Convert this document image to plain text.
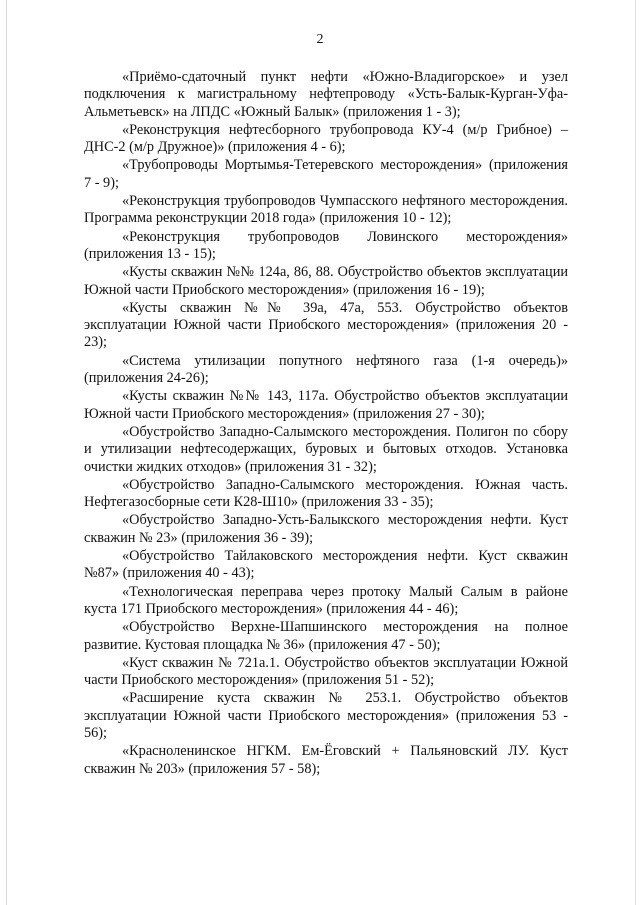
2

«Приёмо-сдаточный пункт нефти «Южно-Владигорское» и узел подключения к магистральному нефтепроводу «Усть-Балык-Курган-Уфа-Альметьевск» на ЛПДС «Южный Балык» (приложения 1 - 3);

«Реконструкция нефтесборного трубопровода КУ-4 (м/р Грибное) – ДНС-2 (м/р Дружное)» (приложения 4 - 6);

«Трубопроводы Мортымья-Тетеревского месторождения» (приложения 7 - 9);

«Реконструкция трубопроводов Чумпасского нефтяного месторождения. Программа реконструкции 2018 года» (приложения 10 - 12);

«Реконструкция трубопроводов Ловинского месторождения» (приложения 13 - 15);

«Кусты скважин №№ 124а, 86, 88. Обустройство объектов эксплуатации Южной части Приобского месторождения» (приложения 16 - 19);

«Кусты скважин №№ 39а, 47а, 553. Обустройство объектов эксплуатации Южной части Приобского месторождения» (приложения 20 - 23);

«Система утилизации попутного нефтяного газа (1-я очередь)» (приложения 24-26);

«Кусты скважин №№ 143, 117а. Обустройство объектов эксплуатации Южной части Приобского месторождения» (приложения 27 - 30);

«Обустройство Западно-Салымского месторождения. Полигон по сбору и утилизации нефтесодержащих, буровых и бытовых отходов. Установка очистки жидких отходов» (приложения 31 - 32);

«Обустройство Западно-Салымского месторождения. Южная часть. Нефтегазосборные сети К28-Ш10» (приложения 33 - 35);

«Обустройство Западно-Усть-Балыкского месторождения нефти. Куст скважин № 23» (приложения 36 - 39);

«Обустройство Тайлаковского месторождения нефти. Куст скважин №87» (приложения 40 - 43);

«Технологическая переправа через протоку Малый Салым в районе куста 171 Приобского месторождения» (приложения 44 - 46);

«Обустройство Верхне-Шапшинского месторождения на полное развитие. Кустовая площадка № 36» (приложения 47 - 50);

«Куст скважин № 721а.1. Обустройство объектов эксплуатации Южной части Приобского месторождения» (приложения 51 - 52);

«Расширение куста скважин № 253.1. Обустройство объектов эксплуатации Южной части Приобского месторождения» (приложения 53 - 56);

«Красноленинское НГКМ. Ем-Ёговский + Пальяновский ЛУ. Куст скважин № 203» (приложения 57 - 58);
